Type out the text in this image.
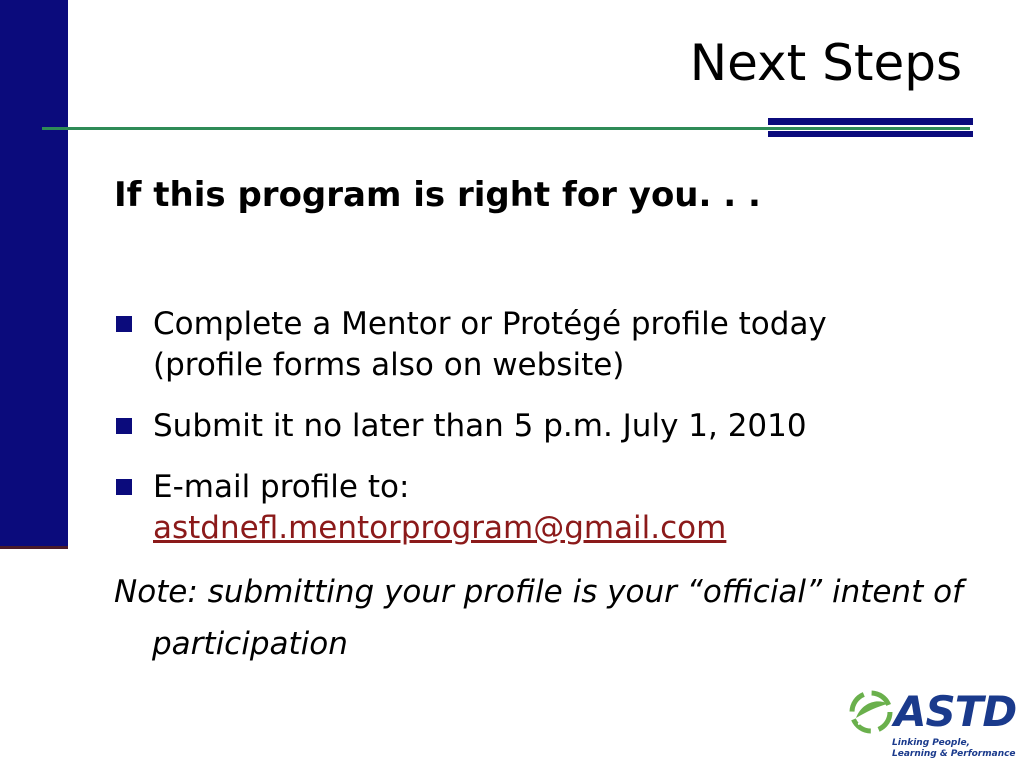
Next Steps
If this program is right for you. . .
Complete a Mentor or Protégé profile today
(profile forms also on website)
Submit it no later than 5 p.m. July 1, 2010
E-mail profile to:
astdnefl.mentorprogram@gmail.com
Note: submitting your profile is your “official” intent of participation
ASTD
Linking People,
Learning & Performance
